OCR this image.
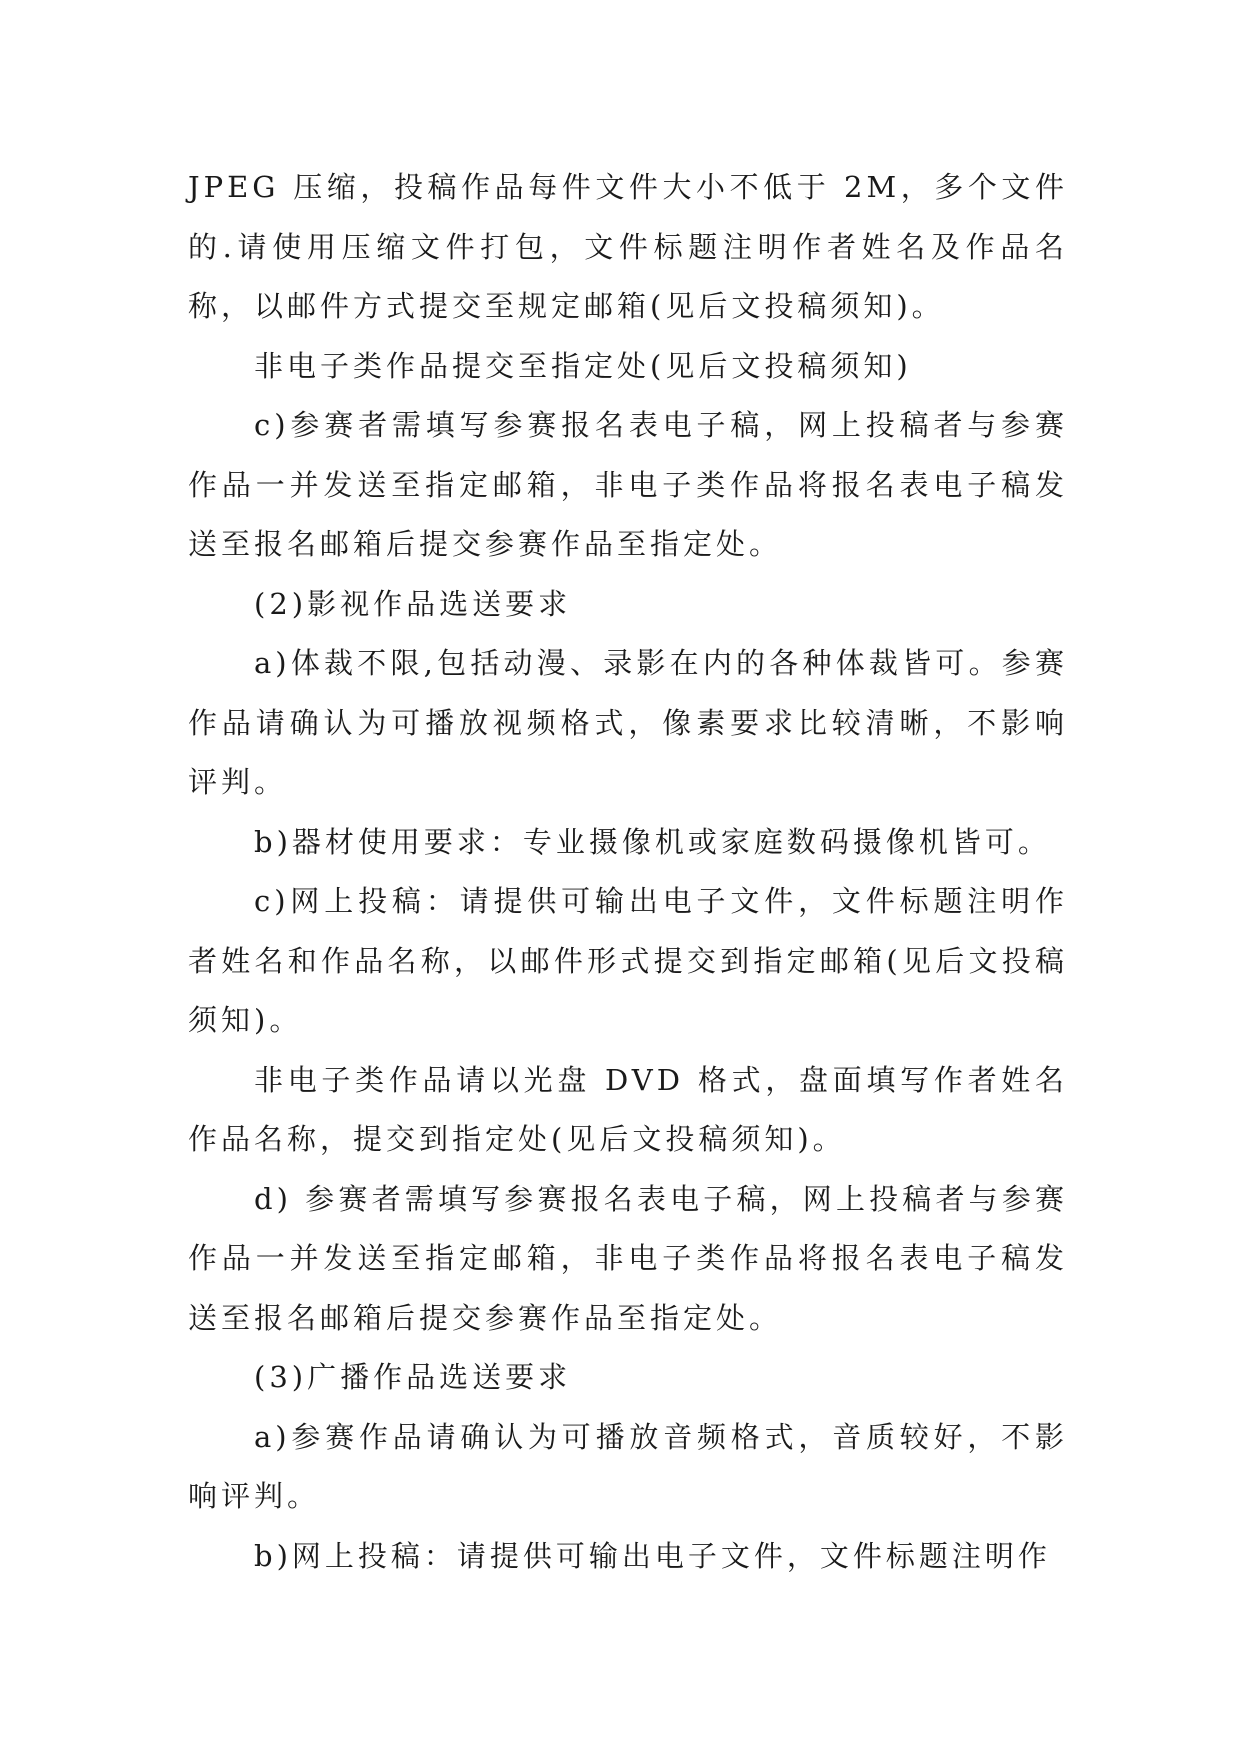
JPEG 压缩，投稿作品每件文件大小不低于 2M，多个文件的.请使用压缩文件打包，文件标题注明作者姓名及作品名称，以邮件方式提交至规定邮箱(见后文投稿须知)。

非电子类作品提交至指定处(见后文投稿须知)

c)参赛者需填写参赛报名表电子稿，网上投稿者与参赛作品一并发送至指定邮箱，非电子类作品将报名表电子稿发送至报名邮箱后提交参赛作品至指定处。

(2)影视作品选送要求

a)体裁不限,包括动漫、录影在内的各种体裁皆可。参赛作品请确认为可播放视频格式，像素要求比较清晰，不影响评判。

b)器材使用要求：专业摄像机或家庭数码摄像机皆可。

c)网上投稿：请提供可输出电子文件，文件标题注明作者姓名和作品名称，以邮件形式提交到指定邮箱(见后文投稿须知)。

非电子类作品请以光盘 DVD 格式，盘面填写作者姓名作品名称，提交到指定处(见后文投稿须知)。

d) 参赛者需填写参赛报名表电子稿，网上投稿者与参赛作品一并发送至指定邮箱，非电子类作品将报名表电子稿发送至报名邮箱后提交参赛作品至指定处。

(3)广播作品选送要求

a)参赛作品请确认为可播放音频格式，音质较好，不影响评判。

b)网上投稿：请提供可输出电子文件，文件标题注明作
